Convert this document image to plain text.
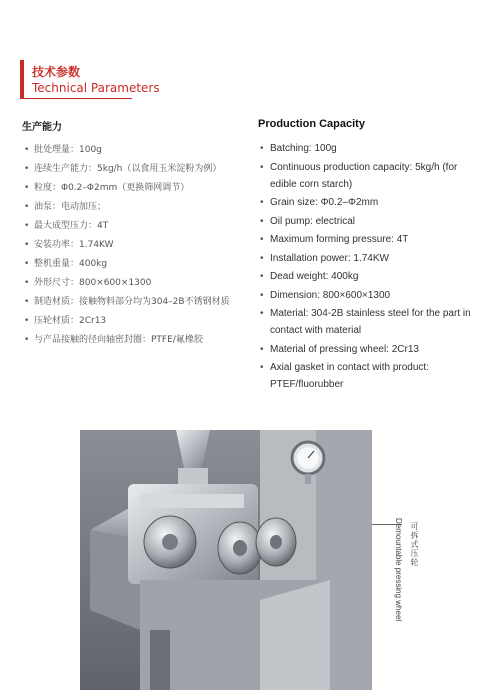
技术参数
Technical Parameters
生产能力
• 批处理量：100g
• 连续生产能力：5kg/h（以食用玉米淀粉为例）
• 粒度：Φ0.2–Φ2mm（更换筛网调节）
• 油泵：电动加压；
• 最大成型压力：4T
• 安装功率：1.74KW
• 整机重量：400kg
• 外形尺寸：800×600×1300
• 制造材质：接触物料部分均为304–2B不锈钢材质
• 压轮材质：2Cr13
• 与产品接触的径向轴密封圈：PTFE/氟橡胶
Production Capacity
• Batching: 100g
• Continuous production capacity: 5kg/h (for edible corn starch)
• Grain size: Φ0.2–Φ2mm
• Oil pump: electrical
• Maximum forming pressure: 4T
• Installation power: 1.74KW
• Dead weight: 400kg
• Dimension: 800×600×1300
• Material: 304-2B stainless steel for the part in contact with material
• Material of pressing wheel: 2Cr13
• Axial gasket in contact with product: PTEF/fluorubber
可拆式压轮
Demountable pressing wheel
